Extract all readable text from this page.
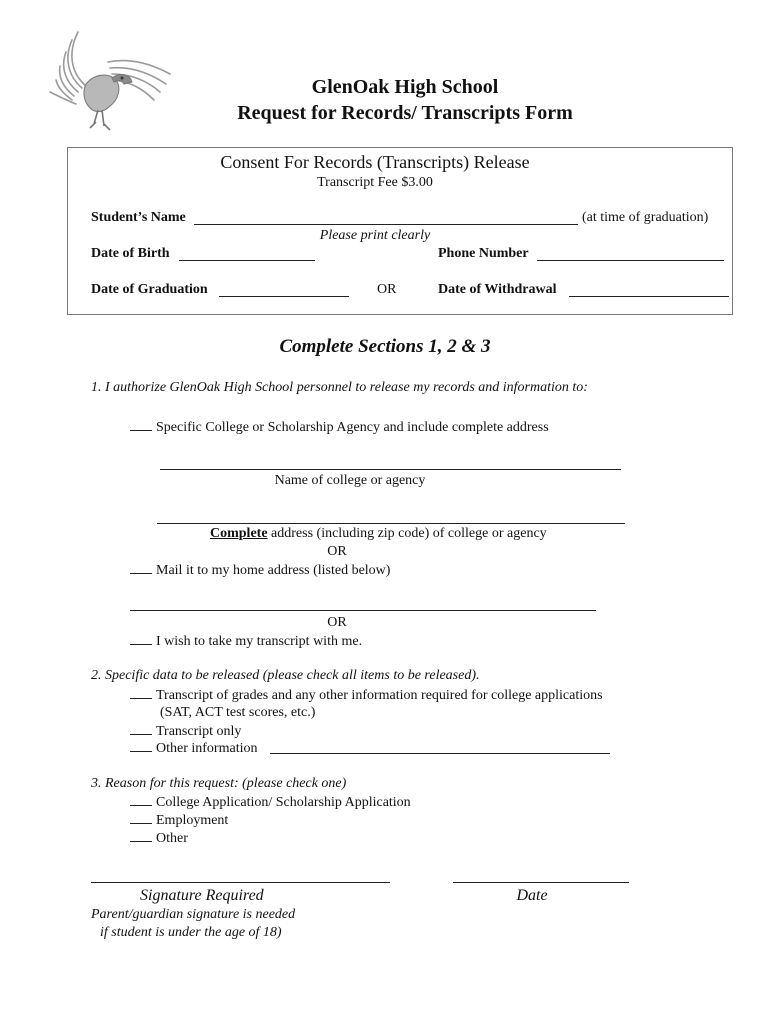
GlenOak High School
Request for Records/ Transcripts Form
Consent For Records (Transcripts) Release
Transcript Fee $3.00
Student’s Name	(at time of graduation)
Please print clearly
Date of Birth	Phone Number
Date of Graduation	OR	Date of Withdrawal
Complete Sections 1, 2 & 3
1. I authorize GlenOak High School personnel to release my records and information to:
Specific College or Scholarship Agency and include complete address
Name of college or agency
Complete address (including zip code) of college or agency
OR
Mail it to my home address (listed below)
OR
I wish to take my transcript with me.
2. Specific data to be released (please check all items to be released).
Transcript of grades and any other information required for college applications
(SAT, ACT test scores, etc.)
Transcript only
Other information
3. Reason for this request: (please check one)
College Application/ Scholarship Application
Employment
Other
Signature Required	Date
Parent/guardian signature is needed
if student is under the age of 18)
